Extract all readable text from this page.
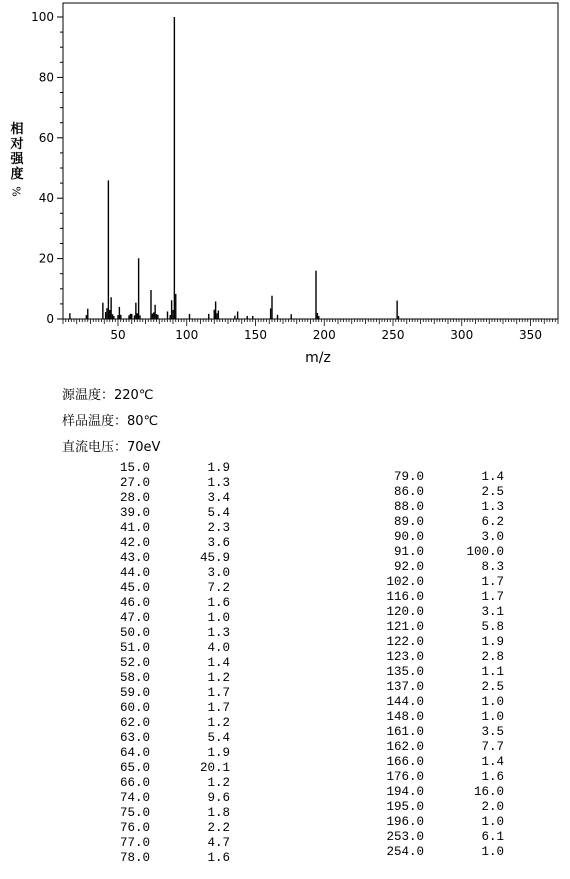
0
20
40
60
80
100
50	100	150	200	250	300	350
m/z
相
对
强
度
%
源温度：220℃
样品温度：80℃
直流电压：70eV
15.0	1.9
27.0	1.3
28.0	3.4
39.0	5.4
41.0	2.3
42.0	3.6
43.0	45.9
44.0	3.0
45.0	7.2
46.0	1.6
47.0	1.0
50.0	1.3
51.0	4.0
52.0	1.4
58.0	1.2
59.0	1.7
60.0	1.7
62.0	1.2
63.0	5.4
64.0	1.9
65.0	20.1
66.0	1.2
74.0	9.6
75.0	1.8
76.0	2.2
77.0	4.7
78.0	1.6
79.0	1.4
86.0	2.5
88.0	1.3
89.0	6.2
90.0	3.0
91.0	100.0
92.0	8.3
102.0	1.7
116.0	1.7
120.0	3.1
121.0	5.8
122.0	1.9
123.0	2.8
135.0	1.1
137.0	2.5
144.0	1.0
148.0	1.0
161.0	3.5
162.0	7.7
166.0	1.4
176.0	1.6
194.0	16.0
195.0	2.0
196.0	1.0
253.0	6.1
254.0	1.0
